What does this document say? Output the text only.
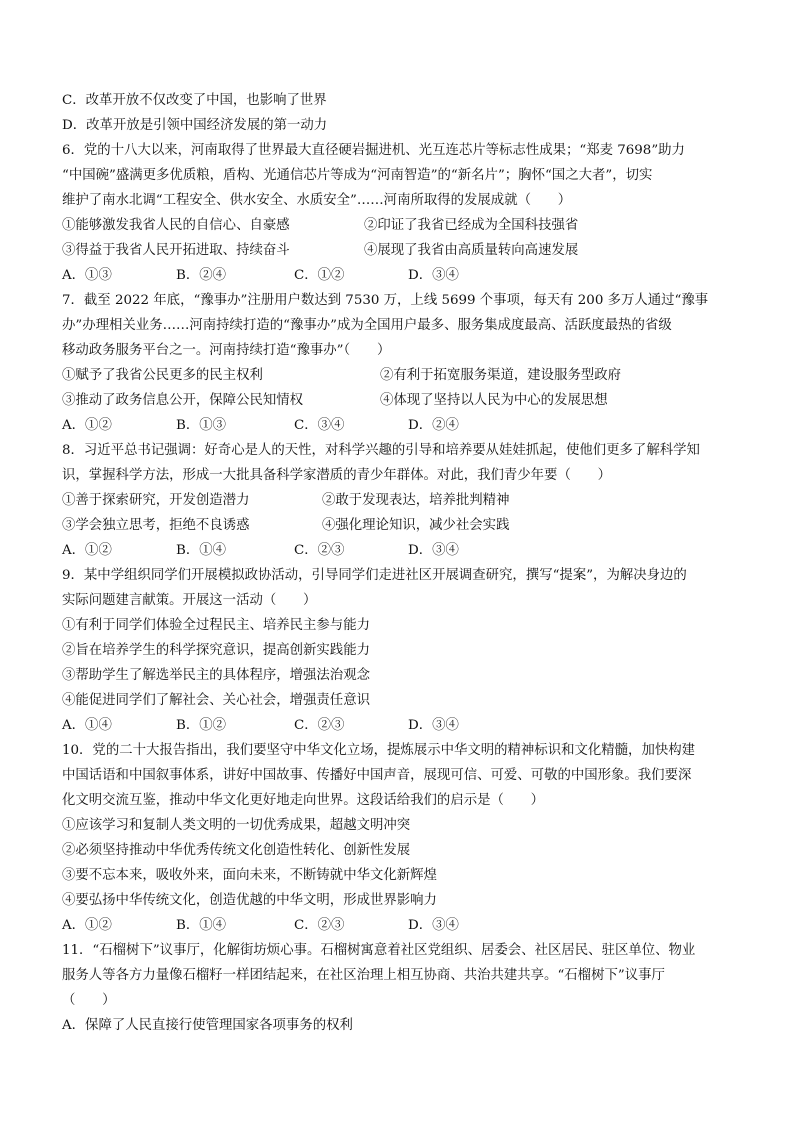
C．改革开放不仅改变了中国，也影响了世界
D．改革开放是引领中国经济发展的第一动力
6．党的十八大以来，河南取得了世界最大直径硬岩掘进机、光互连芯片等标志性成果；“郑麦 7698”助力
“中国碗”盛满更多优质粮，盾构、光通信芯片等成为“河南智造”的“新名片”；胸怀“国之大者”，切实
维护了南水北调“工程安全、供水安全、水质安全”……河南所取得的发展成就（　　）
①能够激发我省人民的自信心、自豪感	②印证了我省已经成为全国科技强省
③得益于我省人民开拓进取、持续奋斗	④展现了我省由高质量转向高速发展
A．①③	B．②④	C．①②	D．③④
7．截至 2022 年底，“豫事办”注册用户数达到 7530 万，上线 5699 个事项，每天有 200 多万人通过“豫事
办”办理相关业务……河南持续打造的“豫事办”成为全国用户最多、服务集成度最高、活跃度最热的省级
移动政务服务平台之一。河南持续打造“豫事办”（　　）
①赋予了我省公民更多的民主权利	②有利于拓宽服务渠道，建设服务型政府
③推动了政务信息公开，保障公民知情权	④体现了坚持以人民为中心的发展思想
A．①②	B．①③	C．③④	D．②④
8．习近平总书记强调：好奇心是人的天性，对科学兴趣的引导和培养要从娃娃抓起，使他们更多了解科学知
识，掌握科学方法，形成一大批具备科学家潜质的青少年群体。对此，我们青少年要（　　）
①善于探索研究，开发创造潜力	②敢于发现表达，培养批判精神
③学会独立思考，拒绝不良诱惑	④强化理论知识，减少社会实践
A．①②	B．①④	C．②③	D．③④
9．某中学组织同学们开展模拟政协活动，引导同学们走进社区开展调查研究，撰写“提案”，为解决身边的
实际问题建言献策。开展这一活动（　　）
①有利于同学们体验全过程民主、培养民主参与能力
②旨在培养学生的科学探究意识，提高创新实践能力
③帮助学生了解选举民主的具体程序，增强法治观念
④能促进同学们了解社会、关心社会，增强责任意识
A．①④	B．①②	C．②③	D．③④
10．党的二十大报告指出，我们要坚守中华文化立场，提炼展示中华文明的精神标识和文化精髓，加快构建
中国话语和中国叙事体系，讲好中国故事、传播好中国声音，展现可信、可爱、可敬的中国形象。我们要深
化文明交流互鉴，推动中华文化更好地走向世界。这段话给我们的启示是（　　）
①应该学习和复制人类文明的一切优秀成果，超越文明冲突
②必须坚持推动中华优秀传统文化创造性转化、创新性发展
③要不忘本来，吸收外来，面向未来，不断铸就中华文化新辉煌
④要弘扬中华传统文化，创造优越的中华文明，形成世界影响力
A．①②	B．①④	C．②③	D．③④
11．“石榴树下”议事厅，化解街坊烦心事。石榴树寓意着社区党组织、居委会、社区居民、驻区单位、物业
服务人等各方力量像石榴籽一样团结起来，在社区治理上相互协商、共治共建共享。“石榴树下”议事厅
（　　）
A．保障了人民直接行使管理国家各项事务的权利
